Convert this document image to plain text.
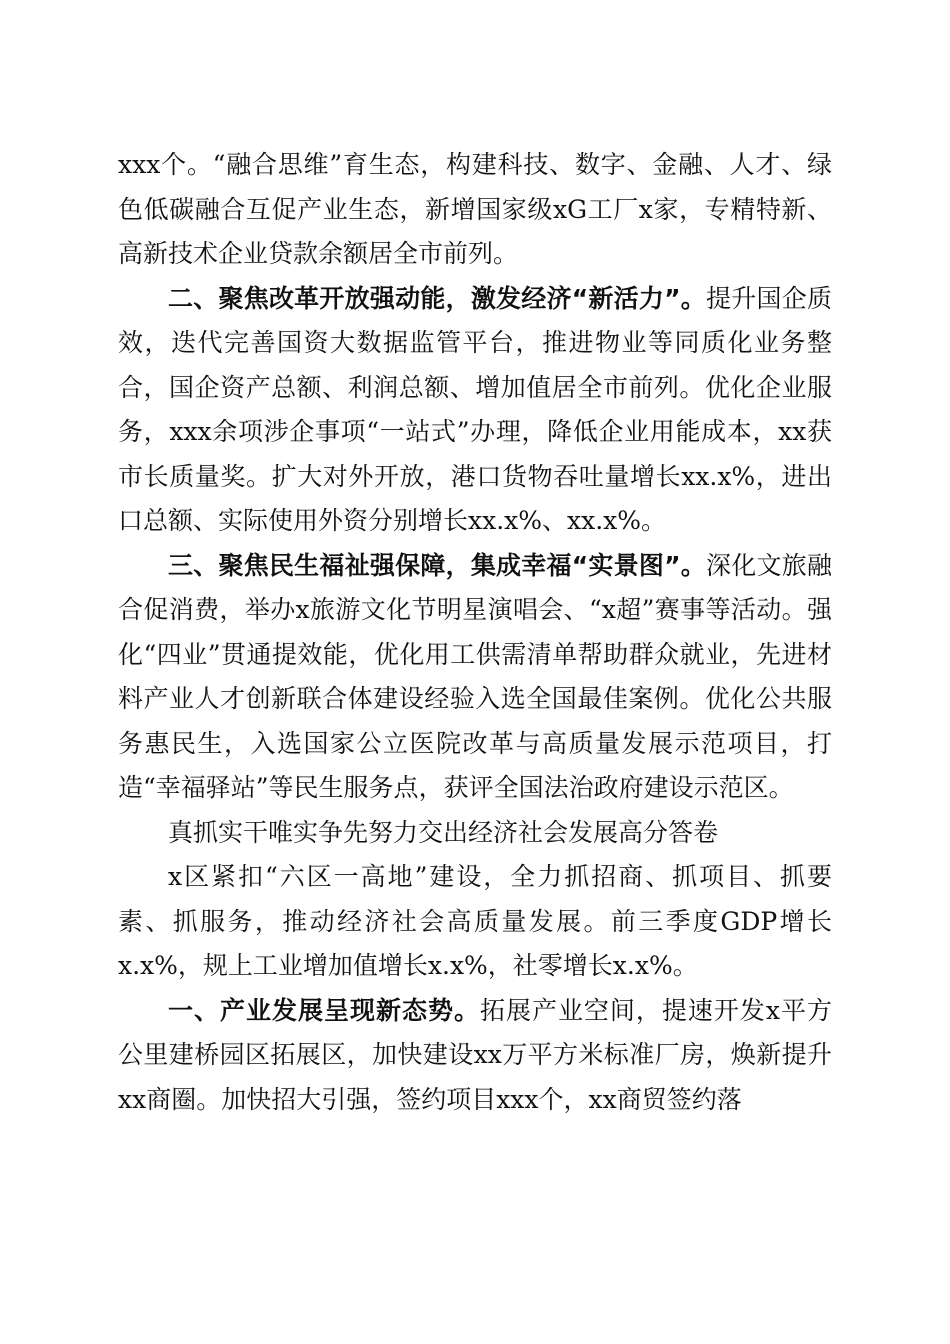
xxx个。“融合思维”育生态，构建科技、数字、金融、人才、绿色低碳融合互促产业生态，新增国家级xG工厂x家，专精特新、高新技术企业贷款余额居全市前列。

二、聚焦改革开放强动能，激发经济“新活力”。提升国企质效，迭代完善国资大数据监管平台，推进物业等同质化业务整合，国企资产总额、利润总额、增加值居全市前列。优化企业服务，xxx余项涉企事项“一站式”办理，降低企业用能成本，xx获市长质量奖。扩大对外开放，港口货物吞吐量增长xx.x%，进出口总额、实际使用外资分别增长xx.x%、xx.x%。

三、聚焦民生福祉强保障，集成幸福“实景图”。深化文旅融合促消费，举办x旅游文化节明星演唱会、“x超”赛事等活动。强化“四业”贯通提效能，优化用工供需清单帮助群众就业，先进材料产业人才创新联合体建设经验入选全国最佳案例。优化公共服务惠民生，入选国家公立医院改革与高质量发展示范项目，打造“幸福驿站”等民生服务点，获评全国法治政府建设示范区。

真抓实干唯实争先努力交出经济社会发展高分答卷

x区紧扣“六区一高地”建设，全力抓招商、抓项目、抓要素、抓服务，推动经济社会高质量发展。前三季度GDP增长x.x%，规上工业增加值增长x.x%，社零增长x.x%。

一、产业发展呈现新态势。拓展产业空间，提速开发x平方公里建桥园区拓展区，加快建设xx万平方米标准厂房，焕新提升xx商圈。加快招大引强，签约项目xxx个，xx商贸签约落
